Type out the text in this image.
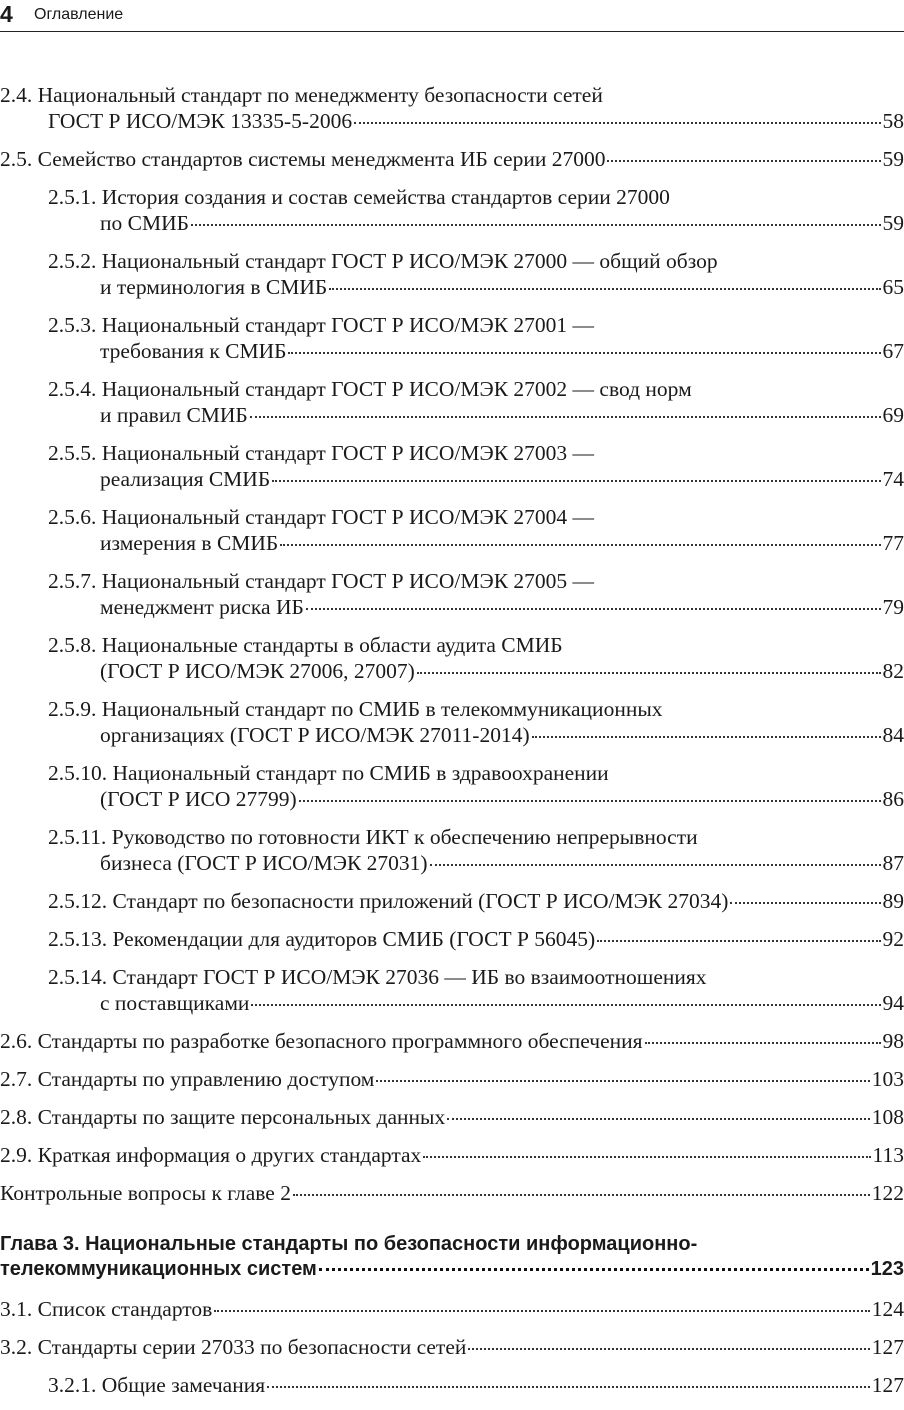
4 Оглавление
2.4. Национальный стандарт по менеджменту безопасности сетей
ГОСТ Р ИСО/МЭК 13335-5-2006	58
2.5. Семейство стандартов системы менеджмента ИБ серии 27000	59
2.5.1. История создания и состав семейства стандартов серии 27000
по СМИБ	59
2.5.2. Национальный стандарт ГОСТ Р ИСО/МЭК 27000 — общий обзор
и терминология в СМИБ	65
2.5.3. Национальный стандарт ГОСТ Р ИСО/МЭК 27001 —
требования к СМИБ	67
2.5.4. Национальный стандарт ГОСТ Р ИСО/МЭК 27002 — свод норм
и правил СМИБ	69
2.5.5. Национальный стандарт ГОСТ Р ИСО/МЭК 27003 —
реализация СМИБ	74
2.5.6. Национальный стандарт ГОСТ Р ИСО/МЭК 27004 —
измерения в СМИБ	77
2.5.7. Национальный стандарт ГОСТ Р ИСО/МЭК 27005 —
менеджмент риска ИБ	79
2.5.8. Национальные стандарты в области аудита СМИБ
(ГОСТ Р ИСО/МЭК 27006, 27007)	82
2.5.9. Национальный стандарт по СМИБ в телекоммуникационных
организациях (ГОСТ Р ИСО/МЭК 27011-2014)	84
2.5.10. Национальный стандарт по СМИБ в здравоохранении
(ГОСТ Р ИСО 27799)	86
2.5.11. Руководство по готовности ИКТ к обеспечению непрерывности
бизнеса (ГОСТ Р ИСО/МЭК 27031)	87
2.5.12. Стандарт по безопасности приложений (ГОСТ Р ИСО/МЭК 27034)	89
2.5.13. Рекомендации для аудиторов СМИБ (ГОСТ Р 56045)	92
2.5.14. Стандарт ГОСТ Р ИСО/МЭК 27036 — ИБ во взаимоотношениях
с поставщиками	94
2.6. Стандарты по разработке безопасного программного обеспечения	98
2.7. Стандарты по управлению доступом	103
2.8. Стандарты по защите персональных данных	108
2.9. Краткая информация о других стандартах	113
Контрольные вопросы к главе 2	122
Глава 3. Национальные стандарты по безопасности информационно-
телекоммуникационных систем	123
3.1. Список стандартов	124
3.2. Стандарты серии 27033 по безопасности сетей	127
3.2.1. Общие замечания	127
